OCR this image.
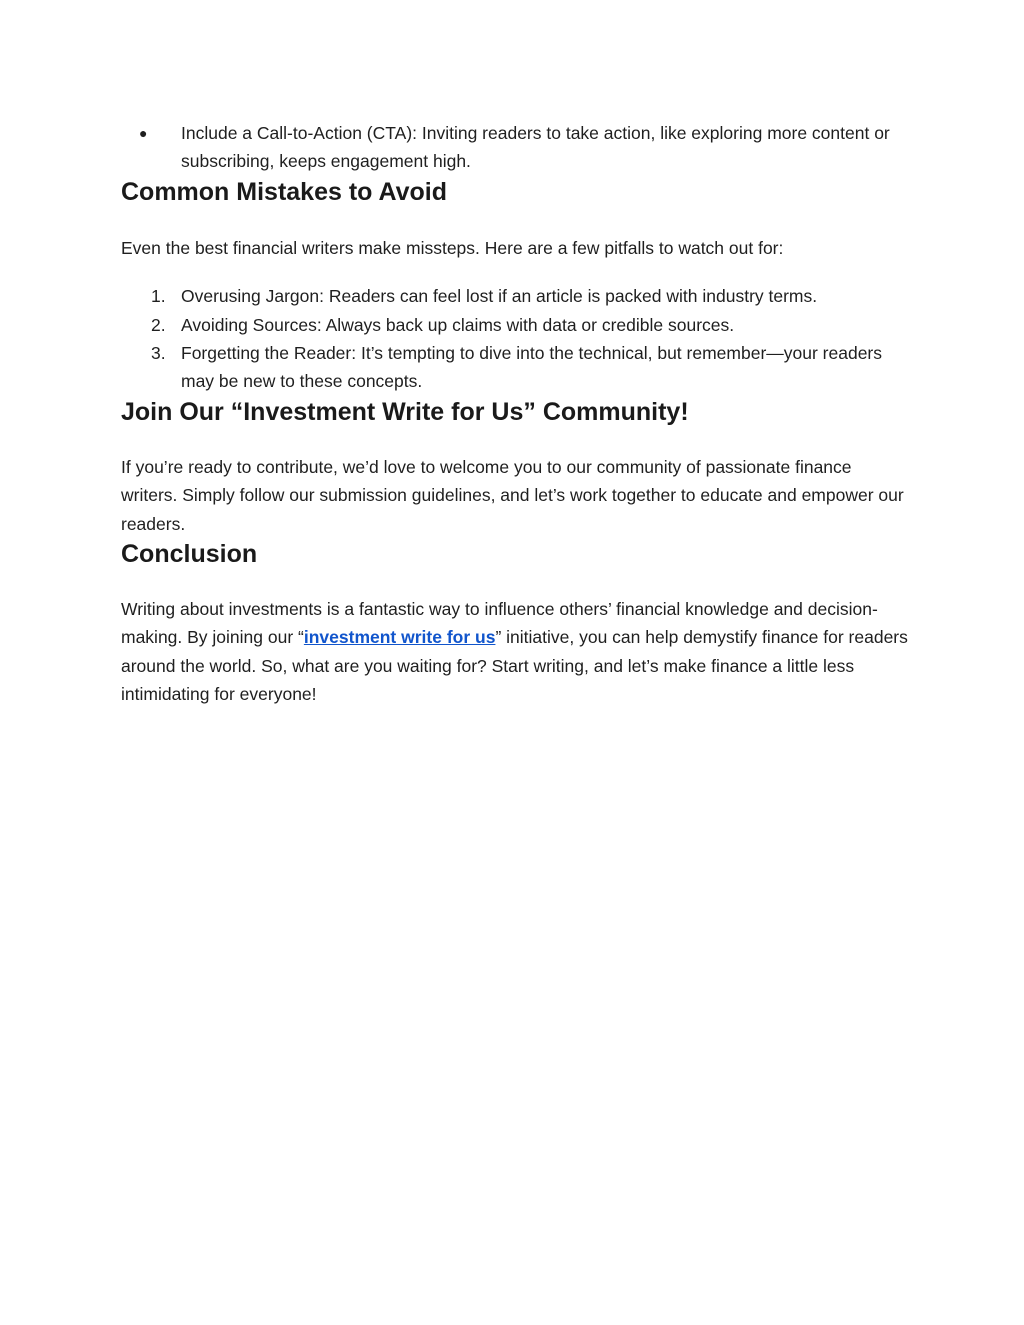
●	Include a Call-to-Action (CTA): Inviting readers to take action, like exploring more content or subscribing, keeps engagement high.
Common Mistakes to Avoid

Even the best financial writers make missteps. Here are a few pitfalls to watch out for:

1. Overusing Jargon: Readers can feel lost if an article is packed with industry terms.
2. Avoiding Sources: Always back up claims with data or credible sources.
3. Forgetting the Reader: It’s tempting to dive into the technical, but remember—your readers may be new to these concepts.
Join Our “Investment Write for Us” Community!

If you’re ready to contribute, we’d love to welcome you to our community of passionate finance writers. Simply follow our submission guidelines, and let’s work together to educate and empower our readers.

Conclusion

Writing about investments is a fantastic way to influence others’ financial knowledge and decision-making. By joining our “investment write for us” initiative, you can help demystify finance for readers around the world. So, what are you waiting for? Start writing, and let’s make finance a little less intimidating for everyone!
